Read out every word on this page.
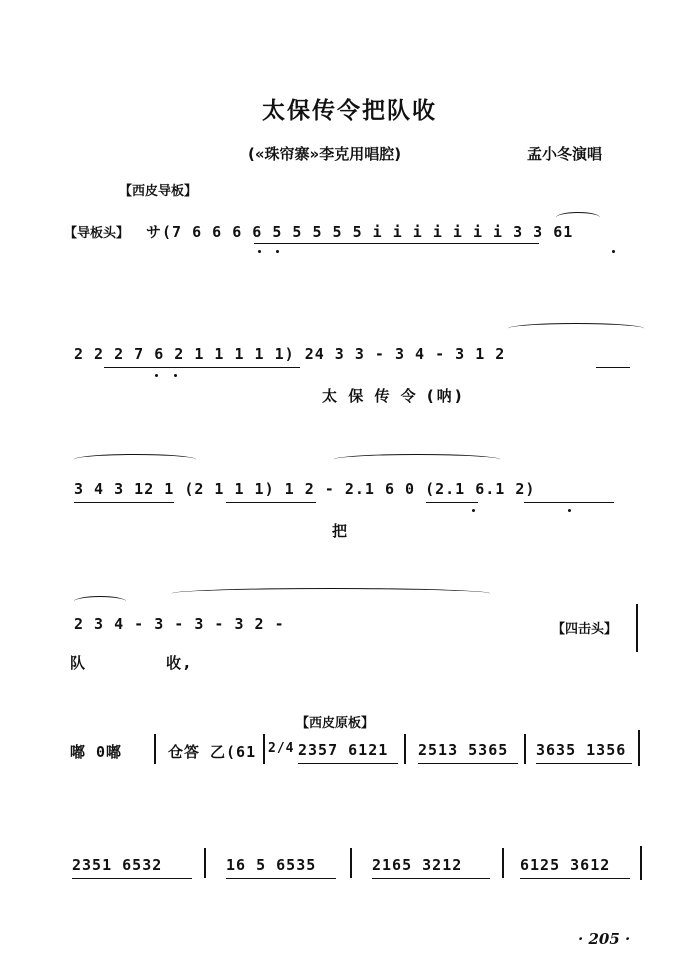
太保传令把队收
(«珠帘寨»李克用唱腔)	孟小冬演唱
【西皮导板】
【导板头】 サ(7 6 6 6 6 5 5 5 5 5 i i i i i i i 3 3 61
2 2 2 7 6 2 1 1 1 1 1) 24 3 3 - 3 4 - 3 1 2
太 保 传 令 (呐)
3 4 3 12 1 (2 1 1 1) 1 2 - 2.1 6 0 (2.1 6.1 2)
把
2 3 4 - 3 - 3 - 3 2 -	【四击头】
队	收,
【西皮原板】
嘟 0嘟	仓答 乙(61 2/4 2357 6121 2513 5365 3635 1356
2351 6532	16 5 6535	2165 3212	6125 3612
· 205 ·
